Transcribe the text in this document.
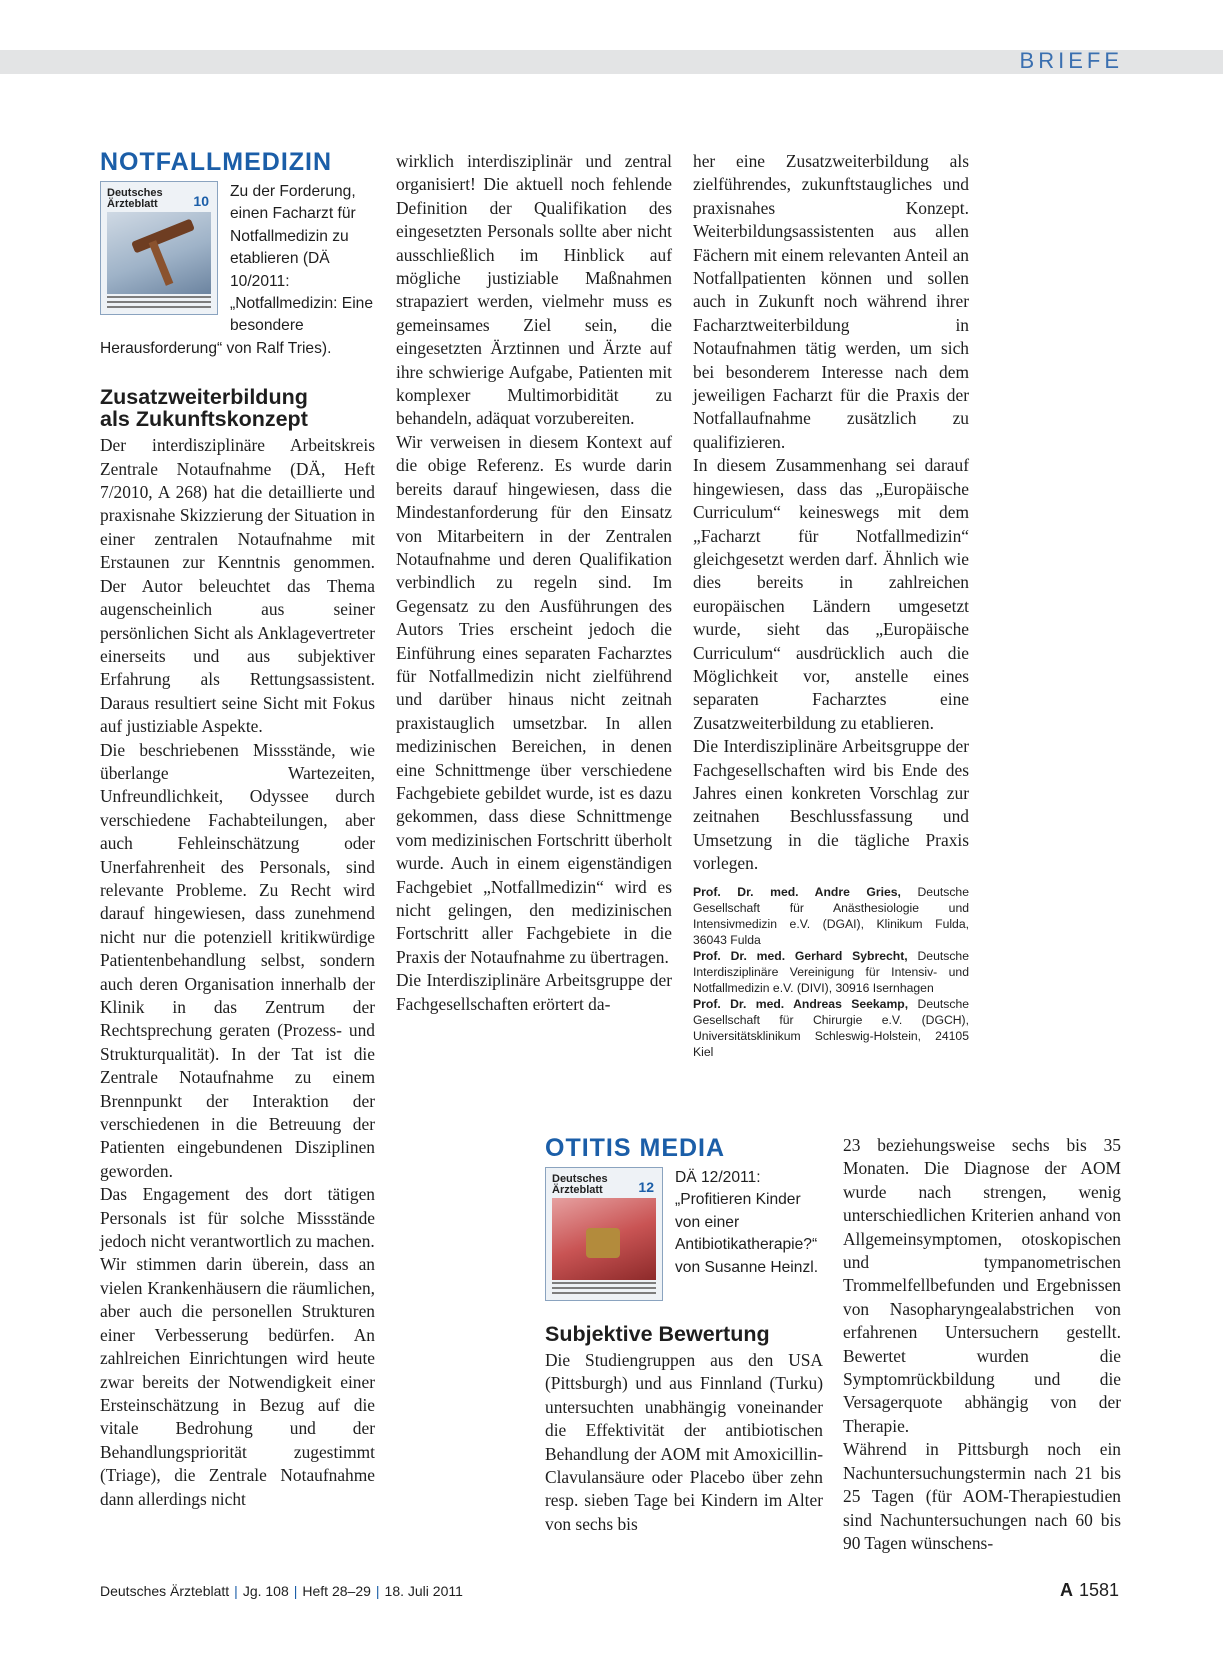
BRIEFE
NOTFALLMEDIZIN
Deutsches Ärzteblatt	10
Zu der Forderung, einen Facharzt für Notfallmedizin zu etablieren (DÄ 10/2011: „Notfallmedizin: Eine besondere Herausforderung“ von Ralf Tries).
Zusatzweiterbildung als Zukunftskonzept

Der interdisziplinäre Arbeitskreis Zentrale Notaufnahme (DÄ, Heft 7/2010, A 268) hat die detaillierte und praxisnahe Skizzierung der Situation in einer zentralen Notaufnahme mit Erstaunen zur Kenntnis genommen. Der Autor beleuchtet das Thema augenscheinlich aus seiner persönlichen Sicht als Anklagevertreter einerseits und aus subjektiver Erfahrung als Rettungsassistent. Daraus resultiert seine Sicht mit Fokus auf justiziable Aspekte.

Die beschriebenen Missstände, wie überlange Wartezeiten, Unfreundlichkeit, Odyssee durch verschiedene Fachabteilungen, aber auch Fehleinschätzung oder Unerfahrenheit des Personals, sind relevante Probleme. Zu Recht wird darauf hingewiesen, dass zunehmend nicht nur die potenziell kritikwürdige Patientenbehandlung selbst, sondern auch deren Organisation innerhalb der Klinik in das Zentrum der Rechtsprechung geraten (Prozess- und Strukturqualität). In der Tat ist die Zentrale Notaufnahme zu einem Brennpunkt der Interaktion der verschiedenen in die Betreuung der Patienten eingebundenen Disziplinen geworden.

Das Engagement des dort tätigen Personals ist für solche Missstände jedoch nicht verantwortlich zu machen.

Wir stimmen darin überein, dass an vielen Krankenhäusern die räumlichen, aber auch die personellen Strukturen einer Verbesserung bedürfen. An zahlreichen Einrichtungen wird heute zwar bereits der Notwendigkeit einer Ersteinschätzung in Bezug auf die vitale Bedrohung und der Behandlungspriorität zugestimmt (Triage), die Zentrale Notaufnahme dann allerdings nicht

wirklich interdisziplinär und zentral organisiert! Die aktuell noch fehlende Definition der Qualifikation des eingesetzten Personals sollte aber nicht ausschließlich im Hinblick auf mögliche justiziable Maßnahmen strapaziert werden, vielmehr muss es gemeinsames Ziel sein, die eingesetzten Ärztinnen und Ärzte auf ihre schwierige Aufgabe, Patienten mit komplexer Multimorbidität zu behandeln, adäquat vorzubereiten.

Wir verweisen in diesem Kontext auf die obige Referenz. Es wurde darin bereits darauf hingewiesen, dass die Mindestanforderung für den Einsatz von Mitarbeitern in der Zentralen Notaufnahme und deren Qualifikation verbindlich zu regeln sind. Im Gegensatz zu den Ausführungen des Autors Tries erscheint jedoch die Einführung eines separaten Facharztes für Notfallmedizin nicht zielführend und darüber hinaus nicht zeitnah praxistauglich umsetzbar. In allen medizinischen Bereichen, in denen eine Schnittmenge über verschiedene Fachgebiete gebildet wurde, ist es dazu gekommen, dass diese Schnittmenge vom medizinischen Fortschritt überholt wurde. Auch in einem eigenständigen Fachgebiet „Notfallmedizin“ wird es nicht gelingen, den medizinischen Fortschritt aller Fachgebiete in die Praxis der Notaufnahme zu übertragen.

Die Interdisziplinäre Arbeitsgruppe der Fachgesellschaften erörtert da-

her eine Zusatzweiterbildung als zielführendes, zukunftstaugliches und praxisnahes Konzept. Weiterbildungsassistenten aus allen Fächern mit einem relevanten Anteil an Notfallpatienten können und sollen auch in Zukunft noch während ihrer Facharztweiterbildung in Notaufnahmen tätig werden, um sich bei besonderem Interesse nach dem jeweiligen Facharzt für die Praxis der Notfallaufnahme zusätzlich zu qualifizieren.

In diesem Zusammenhang sei darauf hingewiesen, dass das „Europäische Curriculum“ keineswegs mit dem „Facharzt für Notfallmedizin“ gleichgesetzt werden darf. Ähnlich wie dies bereits in zahlreichen europäischen Ländern umgesetzt wurde, sieht das „Europäische Curriculum“ ausdrücklich auch die Möglichkeit vor, anstelle eines separaten Facharztes eine Zusatzweiterbildung zu etablieren.

Die Interdisziplinäre Arbeitsgruppe der Fachgesellschaften wird bis Ende des Jahres einen konkreten Vorschlag zur zeitnahen Beschlussfassung und Umsetzung in die tägliche Praxis vorlegen.

Prof. Dr. med. Andre Gries, Deutsche Gesellschaft für Anästhesiologie und Intensivmedizin e.V. (DGAI), Klinikum Fulda, 36043 Fulda

Prof. Dr. med. Gerhard Sybrecht, Deutsche Interdisziplinäre Vereinigung für Intensiv- und Notfallmedizin e.V. (DIVI), 30916 Isernhagen

Prof. Dr. med. Andreas Seekamp, Deutsche Gesellschaft für Chirurgie e.V. (DGCH), Universitätsklinikum Schleswig-Holstein, 24105 Kiel

OTITIS MEDIA
Deutsches Ärzteblatt	12
DÄ 12/2011: „Profitieren Kinder von einer Antibiotikatherapie?“ von Susanne Heinzl.
Subjektive Bewertung

Die Studiengruppen aus den USA (Pittsburgh) und aus Finnland (Turku) untersuchten unabhängig voneinander die Effektivität der antibiotischen Behandlung der AOM mit Amoxicillin-Clavulansäure oder Placebo über zehn resp. sieben Tage bei Kindern im Alter von sechs bis

23 beziehungsweise sechs bis 35 Monaten. Die Diagnose der AOM wurde nach strengen, wenig unterschiedlichen Kriterien anhand von Allgemeinsymptomen, otoskopischen und tympanometrischen Trommelfellbefunden und Ergebnissen von Nasopharyngealabstrichen von erfahrenen Untersuchern gestellt. Bewertet wurden die Symptomrückbildung und die Versagerquote abhängig von der Therapie.

Während in Pittsburgh noch ein Nachuntersuchungstermin nach 21 bis 25 Tagen (für AOM-Therapiestudien sind Nachuntersuchungen nach 60 bis 90 Tagen wünschens-

Deutsches Ärzteblatt | Jg. 108 | Heft 28–29 | 18. Juli 2011	A 1581
